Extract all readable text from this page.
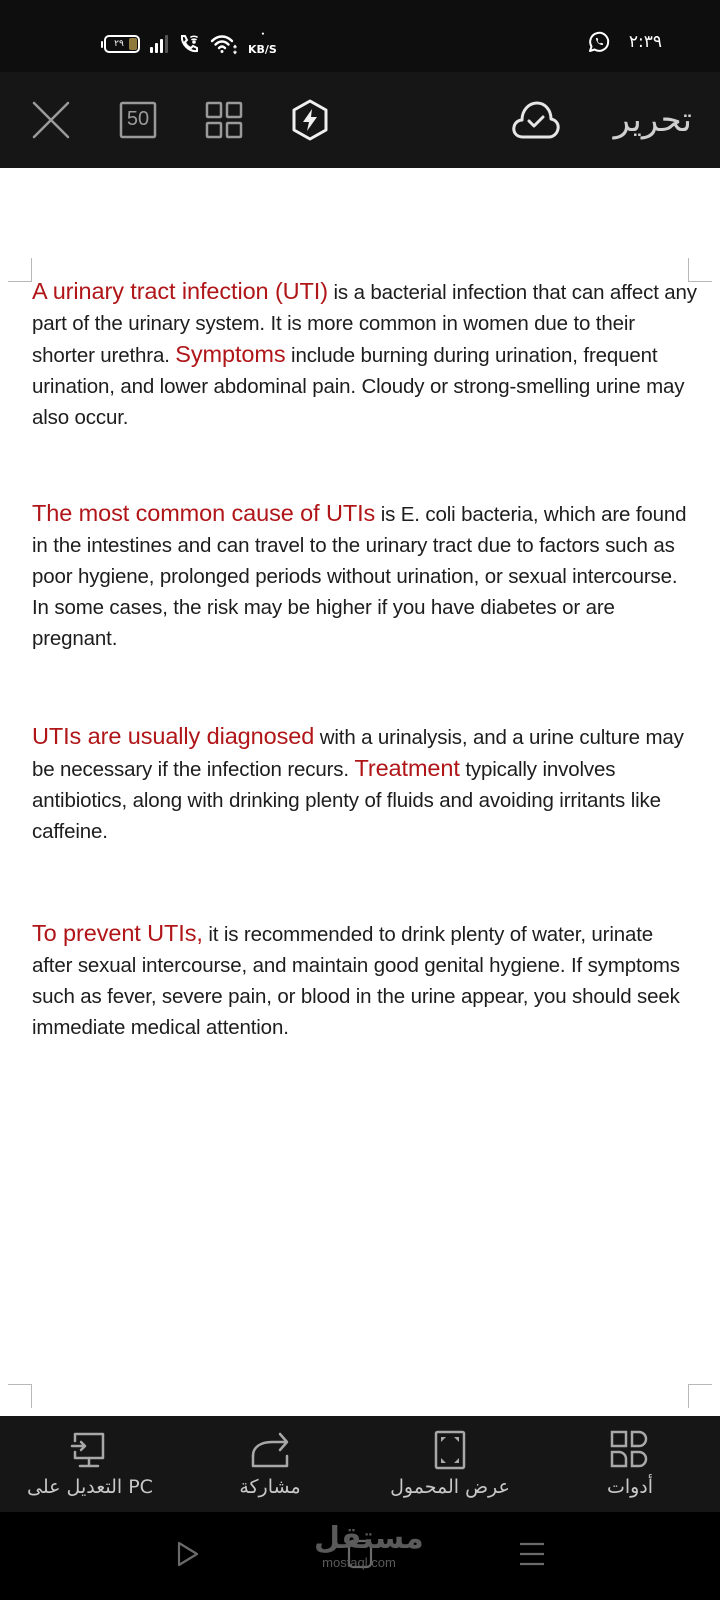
٢٩	• KB/S	٢:٣٩
50	تحرير

A urinary tract infection (UTI) is a bacterial infection that can affect any part of the urinary system. It is more common in women due to their shorter urethra. Symptoms include burning during urination, frequent urination, and lower abdominal pain. Cloudy or strong-smelling urine may also occur.

The most common cause of UTIs is E. coli bacteria, which are found in the intestines and can travel to the urinary tract due to factors such as poor hygiene, prolonged periods without urination, or sexual intercourse. In some cases, the risk may be higher if you have diabetes or are pregnant.

UTIs are usually diagnosed with a urinalysis, and a urine culture may be necessary if the infection recurs. Treatment typically involves antibiotics, along with drinking plenty of fluids and avoiding irritants like caffeine.

To prevent UTIs, it is recommended to drink plenty of water, urinate after sexual intercourse, and maintain good genital hygiene. If symptoms such as fever, severe pain, or blood in the urine appear, you should seek immediate medical attention.

التعديل على PC	مشاركة	عرض المحمول	أدوات
مستقل
mostaql.com
